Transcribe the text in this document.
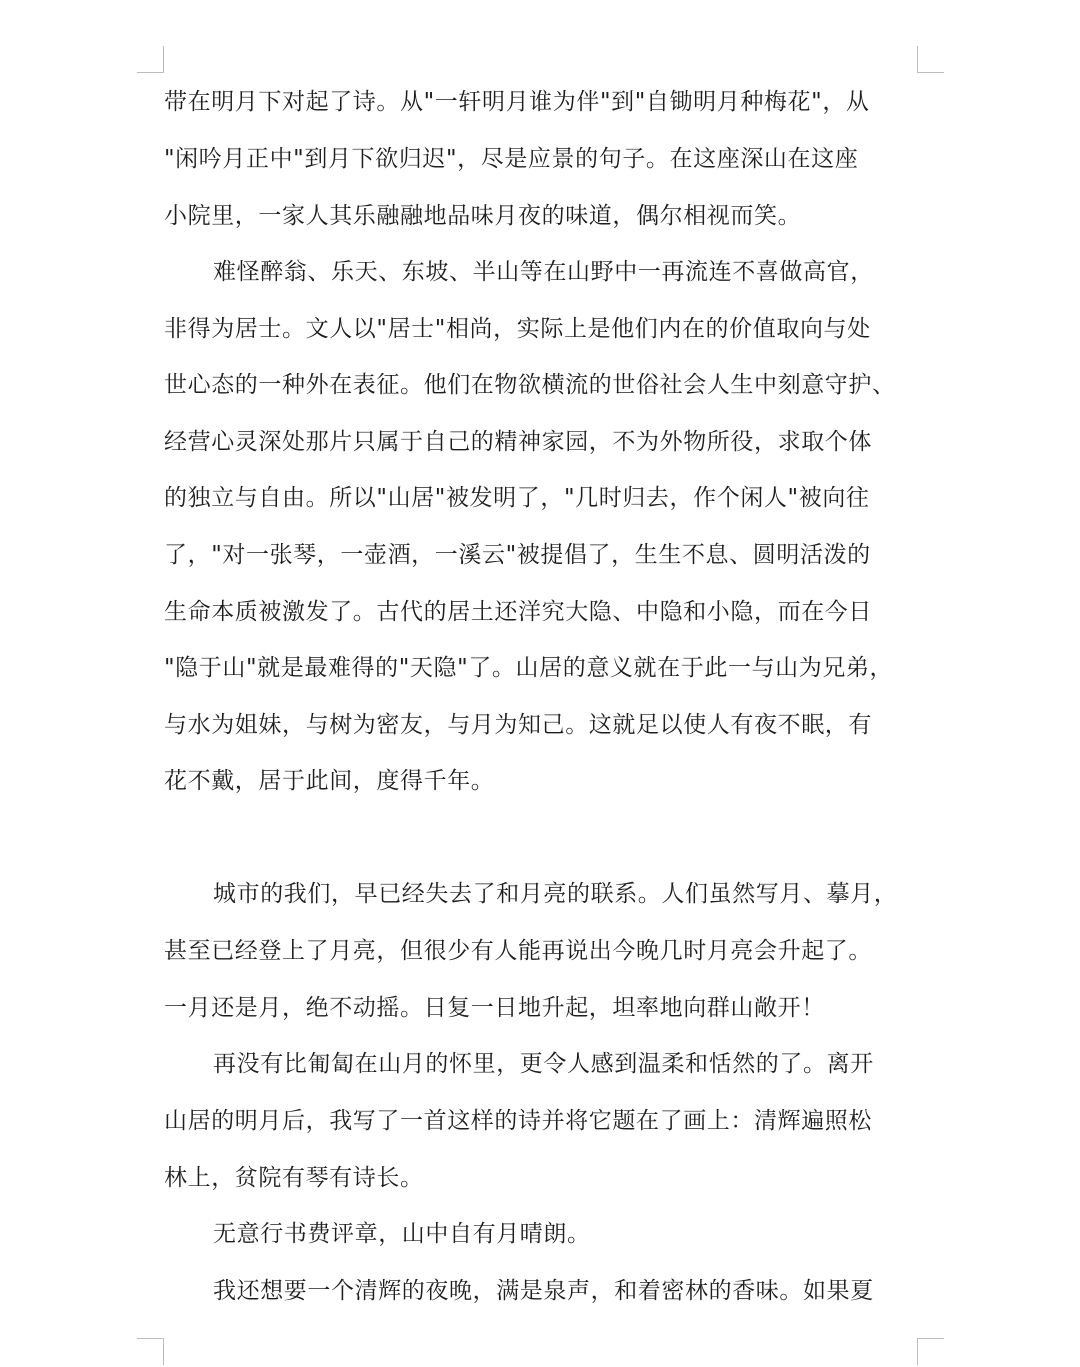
带在明月下对起了诗。从"一轩明月谁为伴"到"自锄明月种梅花"，从
"闲吟月正中"到月下欲归迟"，尽是应景的句子。在这座深山在这座
小院里，一家人其乐融融地品味月夜的味道，偶尔相视而笑。
难怪醉翁、乐天、东坡、半山等在山野中一再流连不喜做高官，
非得为居士。文人以"居士"相尚，实际上是他们内在的价值取向与处
世心态的一种外在表征。他们在物欲横流的世俗社会人生中刻意守护、
经营心灵深处那片只属于自己的精神家园，不为外物所役，求取个体
的独立与自由。所以"山居"被发明了，"几时归去，作个闲人"被向往
了，"对一张琴，一壶酒，一溪云"被提倡了，生生不息、圆明活泼的
生命本质被激发了。古代的居土还洋究大隐、中隐和小隐，而在今日
"隐于山"就是最难得的"天隐"了。山居的意义就在于此一与山为兄弟，
与水为姐妹，与树为密友，与月为知己。这就足以使人有夜不眠，有
花不戴，居于此间，度得千年。
城市的我们，早已经失去了和月亮的联系。人们虽然写月、摹月，
甚至已经登上了月亮，但很少有人能再说出今晚几时月亮会升起了。
一月还是月，绝不动摇。日复一日地升起，坦率地向群山敞开！
再没有比匍匐在山月的怀里，更令人感到温柔和恬然的了。离开
山居的明月后，我写了一首这样的诗并将它题在了画上：清辉遍照松
林上，贫院有琴有诗长。
无意行书费评章，山中自有月晴朗。
我还想要一个清辉的夜晚，满是泉声，和着密林的香味。如果夏
